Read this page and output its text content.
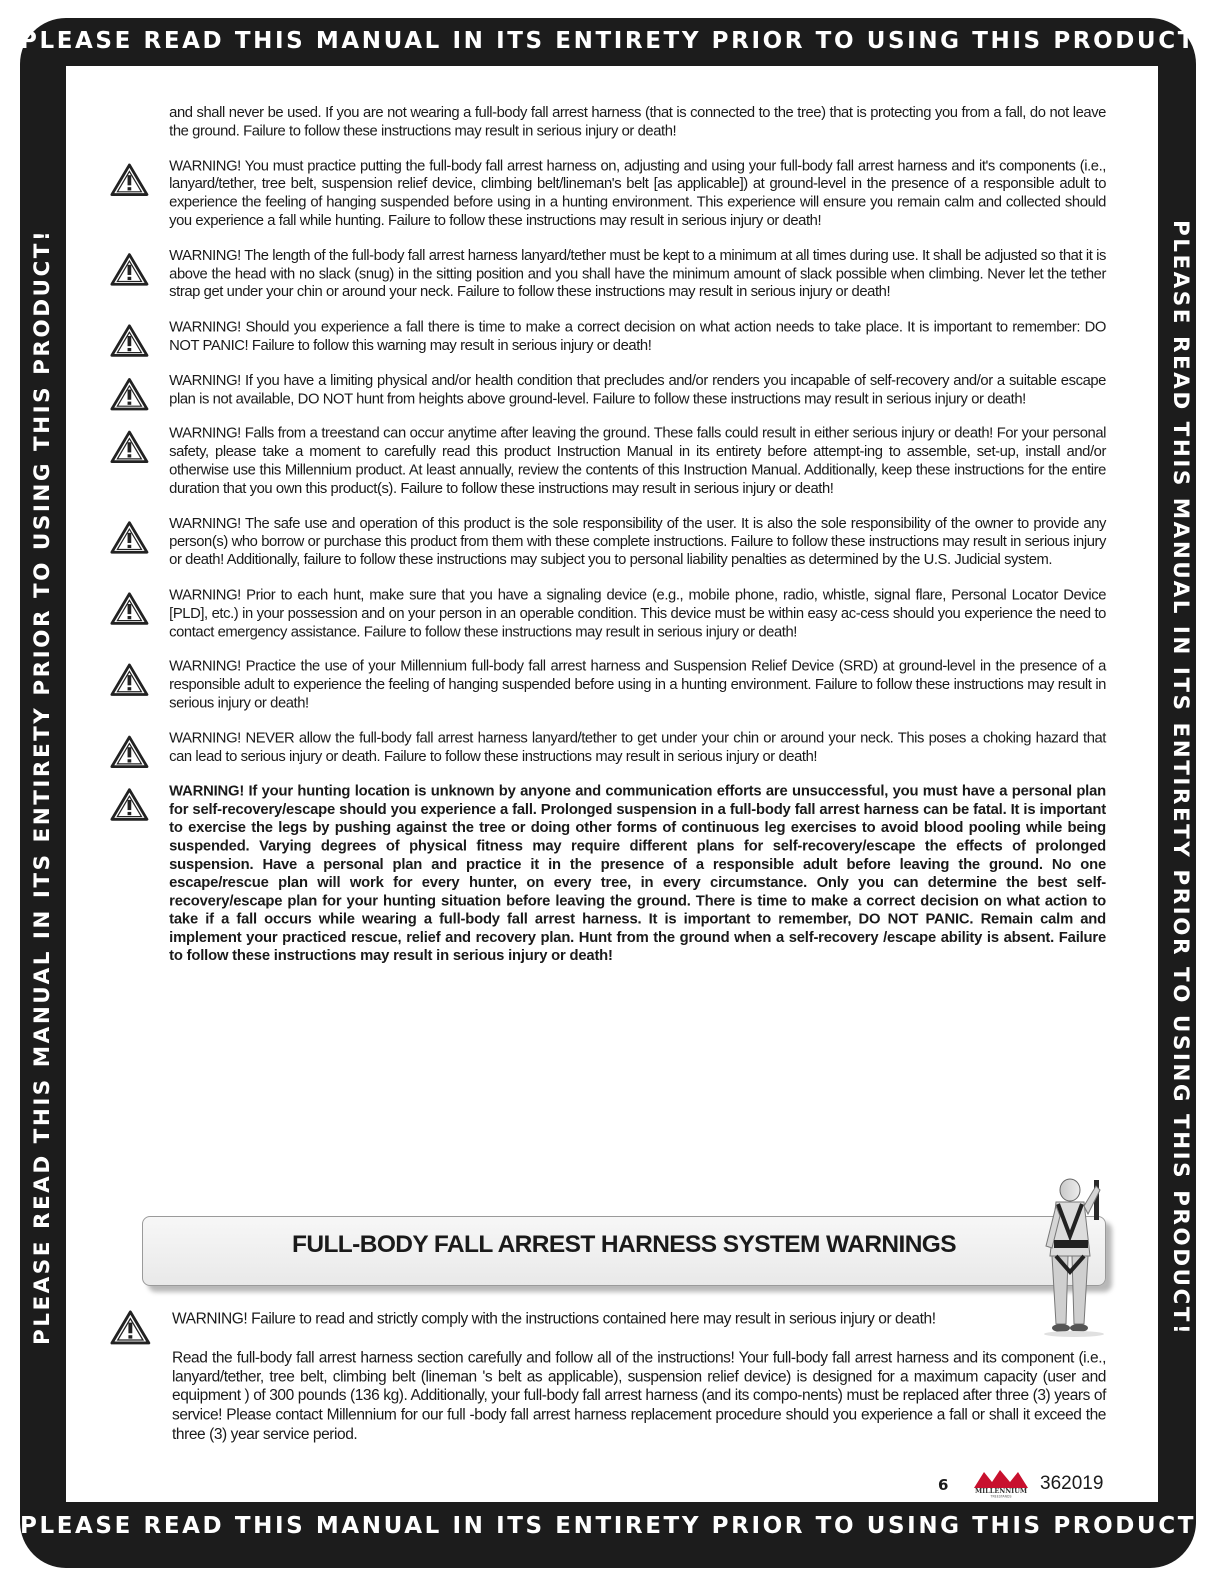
PLEASE READ THIS MANUAL IN ITS ENTIRETY PRIOR TO USING THIS PRODUCT!
PLEASE READ THIS MANUAL IN ITS ENTIRETY PRIOR TO USING THIS PRODUCT!
PLEASE READ THIS MANUAL IN ITS ENTIRETY PRIOR TO USING THIS PRODUCT!	PLEASE READ THIS MANUAL IN ITS ENTIRETY PRIOR TO USING THIS PRODUCT!

and shall never be used. If you are not wearing a full-body fall arrest harness (that is connected to the tree) that is protecting you from a fall, do not leave the ground. Failure to follow these instructions may result in serious injury or death!

WARNING! You must practice putting the full-body fall arrest harness on, adjusting and using your full-body fall arrest harness and it's components (i.e., lanyard/tether, tree belt, suspension relief device, climbing belt/lineman's belt [as applicable]) at ground-level in the presence of a responsible adult to experience the feeling of hanging suspended before using in a hunting environment. This experience will ensure you remain calm and collected should you experience a fall while hunting. Failure to follow these instructions may result in serious injury or death!
WARNING! The length of the full-body fall arrest harness lanyard/tether must be kept to a minimum at all times during use. It shall be adjusted so that it is above the head with no slack (snug) in the sitting position and you shall have the minimum amount of slack possible when climbing. Never let the tether strap get under your chin or around your neck. Failure to follow these instructions may result in serious injury or death!
WARNING! Should you experience a fall there is time to make a correct decision on what action needs to take place. It is important to remember: DO NOT PANIC! Failure to follow this warning may result in serious injury or death!
WARNING! If you have a limiting physical and/or health condition that precludes and/or renders you incapable of self-recovery and/or a suitable escape plan is not available, DO NOT hunt from heights above ground-level. Failure to follow these instructions may result in serious injury or death!
WARNING! Falls from a treestand can occur anytime after leaving the ground. These falls could result in either serious injury or death! For your personal safety, please take a moment to carefully read this product Instruction Manual in its entirety before attempt-ing to assemble, set-up, install and/or otherwise use this Millennium product. At least annually, review the contents of this Instruction Manual. Additionally, keep these instructions for the entire duration that you own this product(s). Failure to follow these instructions may result in serious injury or death!
WARNING! The safe use and operation of this product is the sole responsibility of the user. It is also the sole responsibility of the owner to provide any person(s) who borrow or purchase this product from them with these complete instructions. Failure to follow these instructions may result in serious injury or death! Additionally, failure to follow these instructions may subject you to personal liability penalties as determined by the U.S. Judicial system.
WARNING! Prior to each hunt, make sure that you have a signaling device (e.g., mobile phone, radio, whistle, signal flare, Personal Locator Device [PLD], etc.) in your possession and on your person in an operable condition. This device must be within easy ac-cess should you experience the need to contact emergency assistance. Failure to follow these instructions may result in serious injury or death!
WARNING! Practice the use of your Millennium full-body fall arrest harness and Suspension Relief Device (SRD) at ground-level in the presence of a responsible adult to experience the feeling of hanging suspended before using in a hunting environment. Failure to follow these instructions may result in serious injury or death!
WARNING! NEVER allow the full-body fall arrest harness lanyard/tether to get under your chin or around your neck. This poses a choking hazard that can lead to serious injury or death. Failure to follow these instructions may result in serious injury or death!
WARNING! If your hunting location is unknown by anyone and communication efforts are unsuccessful, you must have a personal plan for self-recovery/escape should you experience a fall. Prolonged suspension in a full-body fall arrest harness can be fatal. It is important to exercise the legs by pushing against the tree or doing other forms of continuous leg exercises to avoid blood pooling while being suspended. Varying degrees of physical fitness may require different plans for self-recovery/escape the effects of prolonged suspension. Have a personal plan and practice it in the presence of a responsible adult before leaving the ground. No one escape/rescue plan will work for every hunter, on every tree, in every circumstance. Only you can determine the best self-recovery/escape plan for your hunting situation before leaving the ground. There is time to make a correct decision on what action to take if a fall occurs while wearing a full-body fall arrest harness. It is important to remember, DO NOT PANIC. Remain calm and implement your practiced rescue, relief and recovery plan. Hunt from the ground when a self-recovery /escape ability is absent. Failure to follow these instructions may result in serious injury or death!
FULL-BODY FALL ARREST HARNESS SYSTEM WARNINGS
WARNING! Failure to read and strictly comply with the instructions contained here may result in serious injury or death!

Read the full-body fall arrest harness section carefully and follow all of the instructions! Your full-body fall arrest harness and its component (i.e., lanyard/tether, tree belt, climbing belt (lineman 's belt as applicable), suspension relief device) is designed for a maximum capacity (user and equipment ) of 300 pounds (136 kg). Additionally, your full-body fall arrest harness (and its compo-nents) must be replaced after three (3) years of service! Please contact Millennium for our full -body fall arrest harness replacement procedure should you experience a fall or shall it exceed the three (3) year service period.

6	MILLENNIUM
TREESTANDS
362019
